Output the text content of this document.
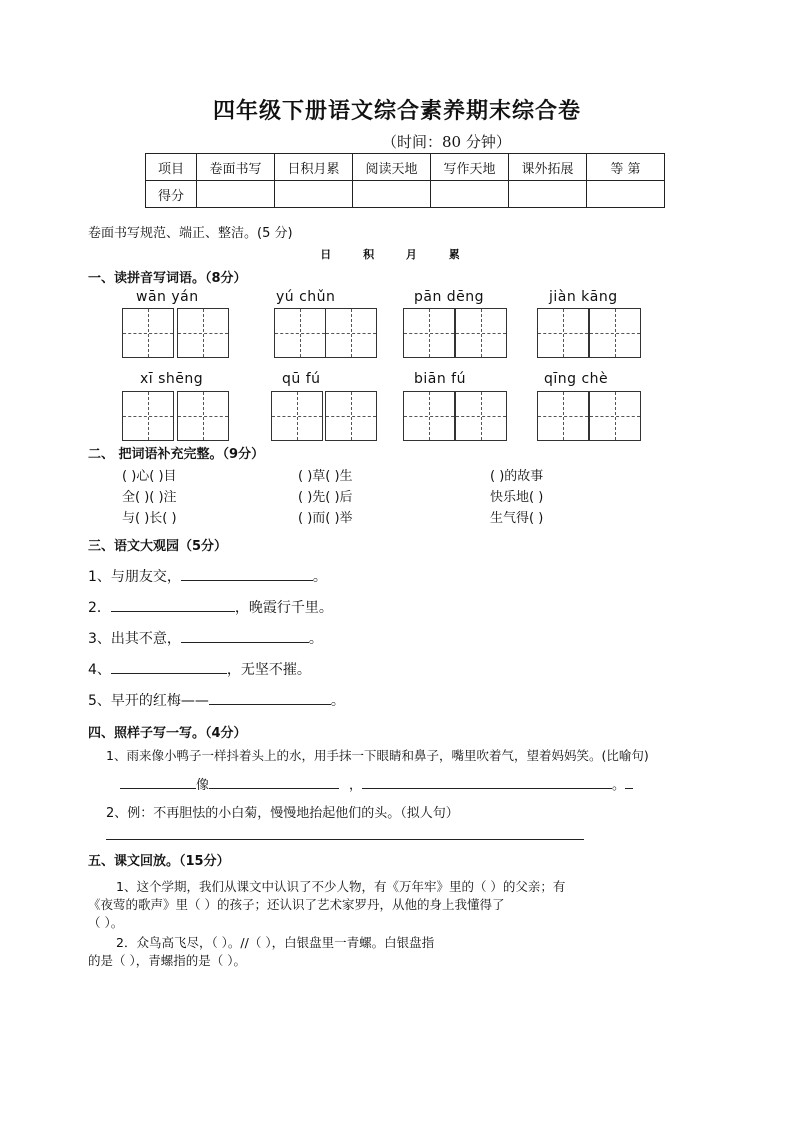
四年级下册语文综合素养期末综合卷
（时间：80 分钟）
项目	卷面书写	日积月累	阅读天地	写作天地	课外拓展	等 第
得分						
卷面书写规范、端正、整洁。(5 分)
日 积 月 累
一、读拼音写词语。（8分）
wān yán	yú chǔn	pān dēng	jiàn kāng
xī shēng	qū fú	biān fú	qīng chè
二、 把词语补充完整。（9分）
( )心( )目	( )草( )生	( )的故事
全( )( )注	( )先( )后	快乐地( )
与( )长( )	( )而( )举	生气得( )
三、语文大观园（5分）
1、与朋友交，	。
2．	，晚霞行千里。
3、出其不意，	。
4、	，无坚不摧。
5、早开的红梅——	。
四、照样子写一写。（4分）
1、雨来像小鸭子一样抖着头上的水，用手抹一下眼睛和鼻子，嘴里吹着气，望着妈妈笑。(比喻句)
像	，	。
2、例：不再胆怯的小白菊，慢慢地抬起他们的头。（拟人句）
五、课文回放。（15分）
1、这个学期，我们从课文中认识了不少人物，有《万年牢》里的（ ）的父亲；有
《夜莺的歌声》里（ ）的孩子；还认识了艺术家罗丹，从他的身上我懂得了
（ ）。
2．众鸟高飞尽，（ ）。//（ ），白银盘里一青螺。白银盘指
的是（ ），青螺指的是（ ）。
